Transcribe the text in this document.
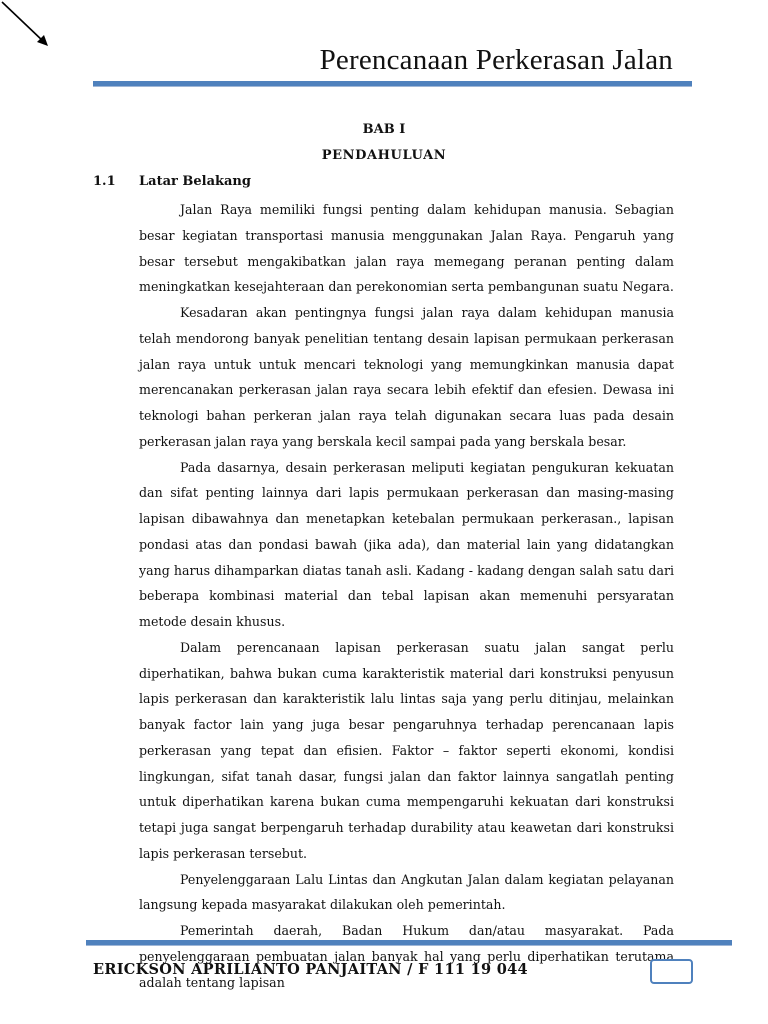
Perencanaan Perkerasan Jalan
BAB I
PENDAHULUAN
1.1 Latar Belakang

Jalan Raya memiliki fungsi penting dalam kehidupan manusia. Sebagian besar kegiatan transportasi manusia menggunakan Jalan Raya. Pengaruh yang besar tersebut mengakibatkan jalan raya memegang peranan penting dalam meningkatkan kesejahteraan dan perekonomian serta pembangunan suatu Negara.

Kesadaran akan pentingnya fungsi jalan raya dalam kehidupan manusia telah mendorong banyak penelitian tentang desain lapisan permukaan perkerasan jalan raya untuk untuk mencari teknologi yang memungkinkan manusia dapat merencanakan perkerasan jalan raya secara lebih efektif dan efesien. Dewasa ini teknologi bahan perkeran jalan raya telah digunakan secara luas pada desain perkerasan jalan raya yang berskala kecil sampai pada yang berskala besar.

Pada dasarnya, desain perkerasan meliputi kegiatan pengukuran kekuatan dan sifat penting lainnya dari lapis permukaan perkerasan dan masing-masing lapisan dibawahnya dan menetapkan ketebalan permukaan perkerasan., lapisan pondasi atas dan pondasi bawah (jika ada), dan material lain yang didatangkan yang harus dihamparkan diatas tanah asli. Kadang - kadang dengan salah satu dari beberapa kombinasi material dan tebal lapisan akan memenuhi persyaratan metode desain khusus.

Dalam perencanaan lapisan perkerasan suatu jalan sangat perlu diperhatikan, bahwa bukan cuma karakteristik material dari konstruksi penyusun lapis perkerasan dan karakteristik lalu lintas saja yang perlu ditinjau, melainkan banyak factor lain yang juga besar pengaruhnya terhadap perencanaan lapis perkerasan yang tepat dan efisien. Faktor – faktor seperti ekonomi, kondisi lingkungan, sifat tanah dasar, fungsi jalan dan faktor lainnya sangatlah penting untuk diperhatikan karena bukan cuma mempengaruhi kekuatan dari konstruksi tetapi juga sangat berpengaruh terhadap durability atau keawetan dari konstruksi lapis perkerasan tersebut.

Penyelenggaraan Lalu Lintas dan Angkutan Jalan dalam kegiatan pelayanan langsung kepada masyarakat dilakukan oleh pemerintah.

Pemerintah daerah, Badan Hukum dan/atau masyarakat. Pada penyelenggaraan pembuatan jalan banyak hal yang perlu diperhatikan terutama adalah tentang lapisan

ERICKSON APRILIANTO PANJAITAN / F 111 19 044
